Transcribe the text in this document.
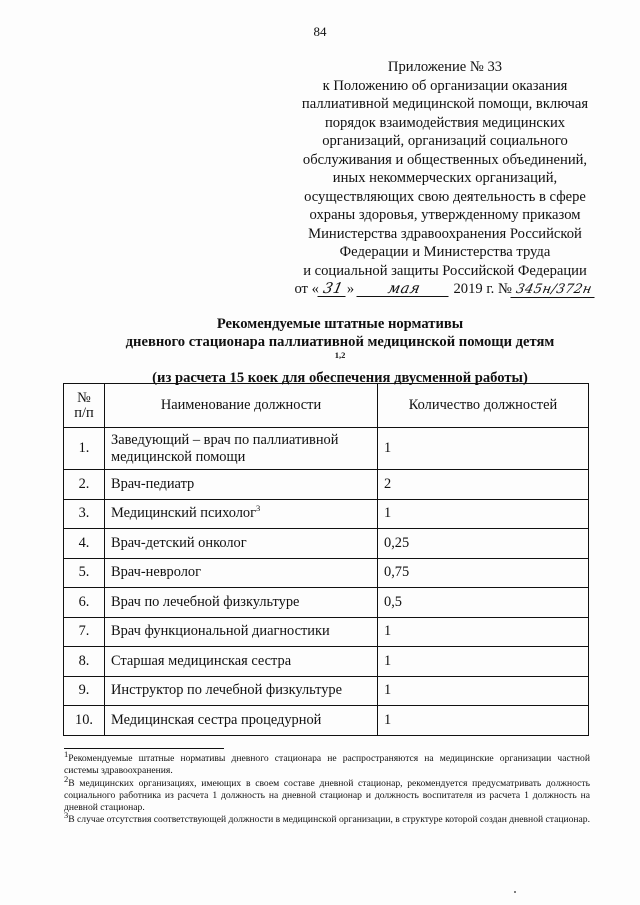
84
Приложение № 33
к Положению об организации оказания
паллиативной медицинской помощи, включая
порядок взаимодействия медицинских
организаций, организаций социального
обслуживания и общественных объединений,
иных некоммерческих организаций,
осуществляющих свою деятельность в сфере
охраны здоровья, утвержденному приказом
Министерства здравоохранения Российской
Федерации и Министерства труда
и социальной защиты Российской Федерации
от « 31 » мая 2019 г. № 345н/372н
Рекомендуемые штатные нормативы
дневного стационара паллиативной медицинской помощи детям
$^{1,2}$
(из расчета 15 коек для обеспечения двусменной работы)
№
п/п	Наименование должности	Количество должностей
1.	Заведующий – врач по паллиативной медицинской помощи	1
2.	Врач-педиатр	2
3.	Медицинский психолог$^3$	1
4.	Врач-детский онколог	0,25
5.	Врач-невролог	0,75
6.	Врач по лечебной физкультуре	0,5
7.	Врач функциональной диагностики	1
8.	Старшая медицинская сестра	1
9.	Инструктор по лечебной физкультуре	1
10.	Медицинская сестра процедурной	1

$^1$Рекомендуемые штатные нормативы дневного стационара не распространяются на медицинские организации частной системы здравоохранения.

$^2$В медицинских организациях, имеющих в своем составе дневной стационар, рекомендуется предусматривать должность социального работника из расчета 1 должность на дневной стационар и должность воспитателя из расчета 1 должность на дневной стационар.

$^3$В случае отсутствия соответствующей должности в медицинской организации, в структуре которой создан дневной стационар.
